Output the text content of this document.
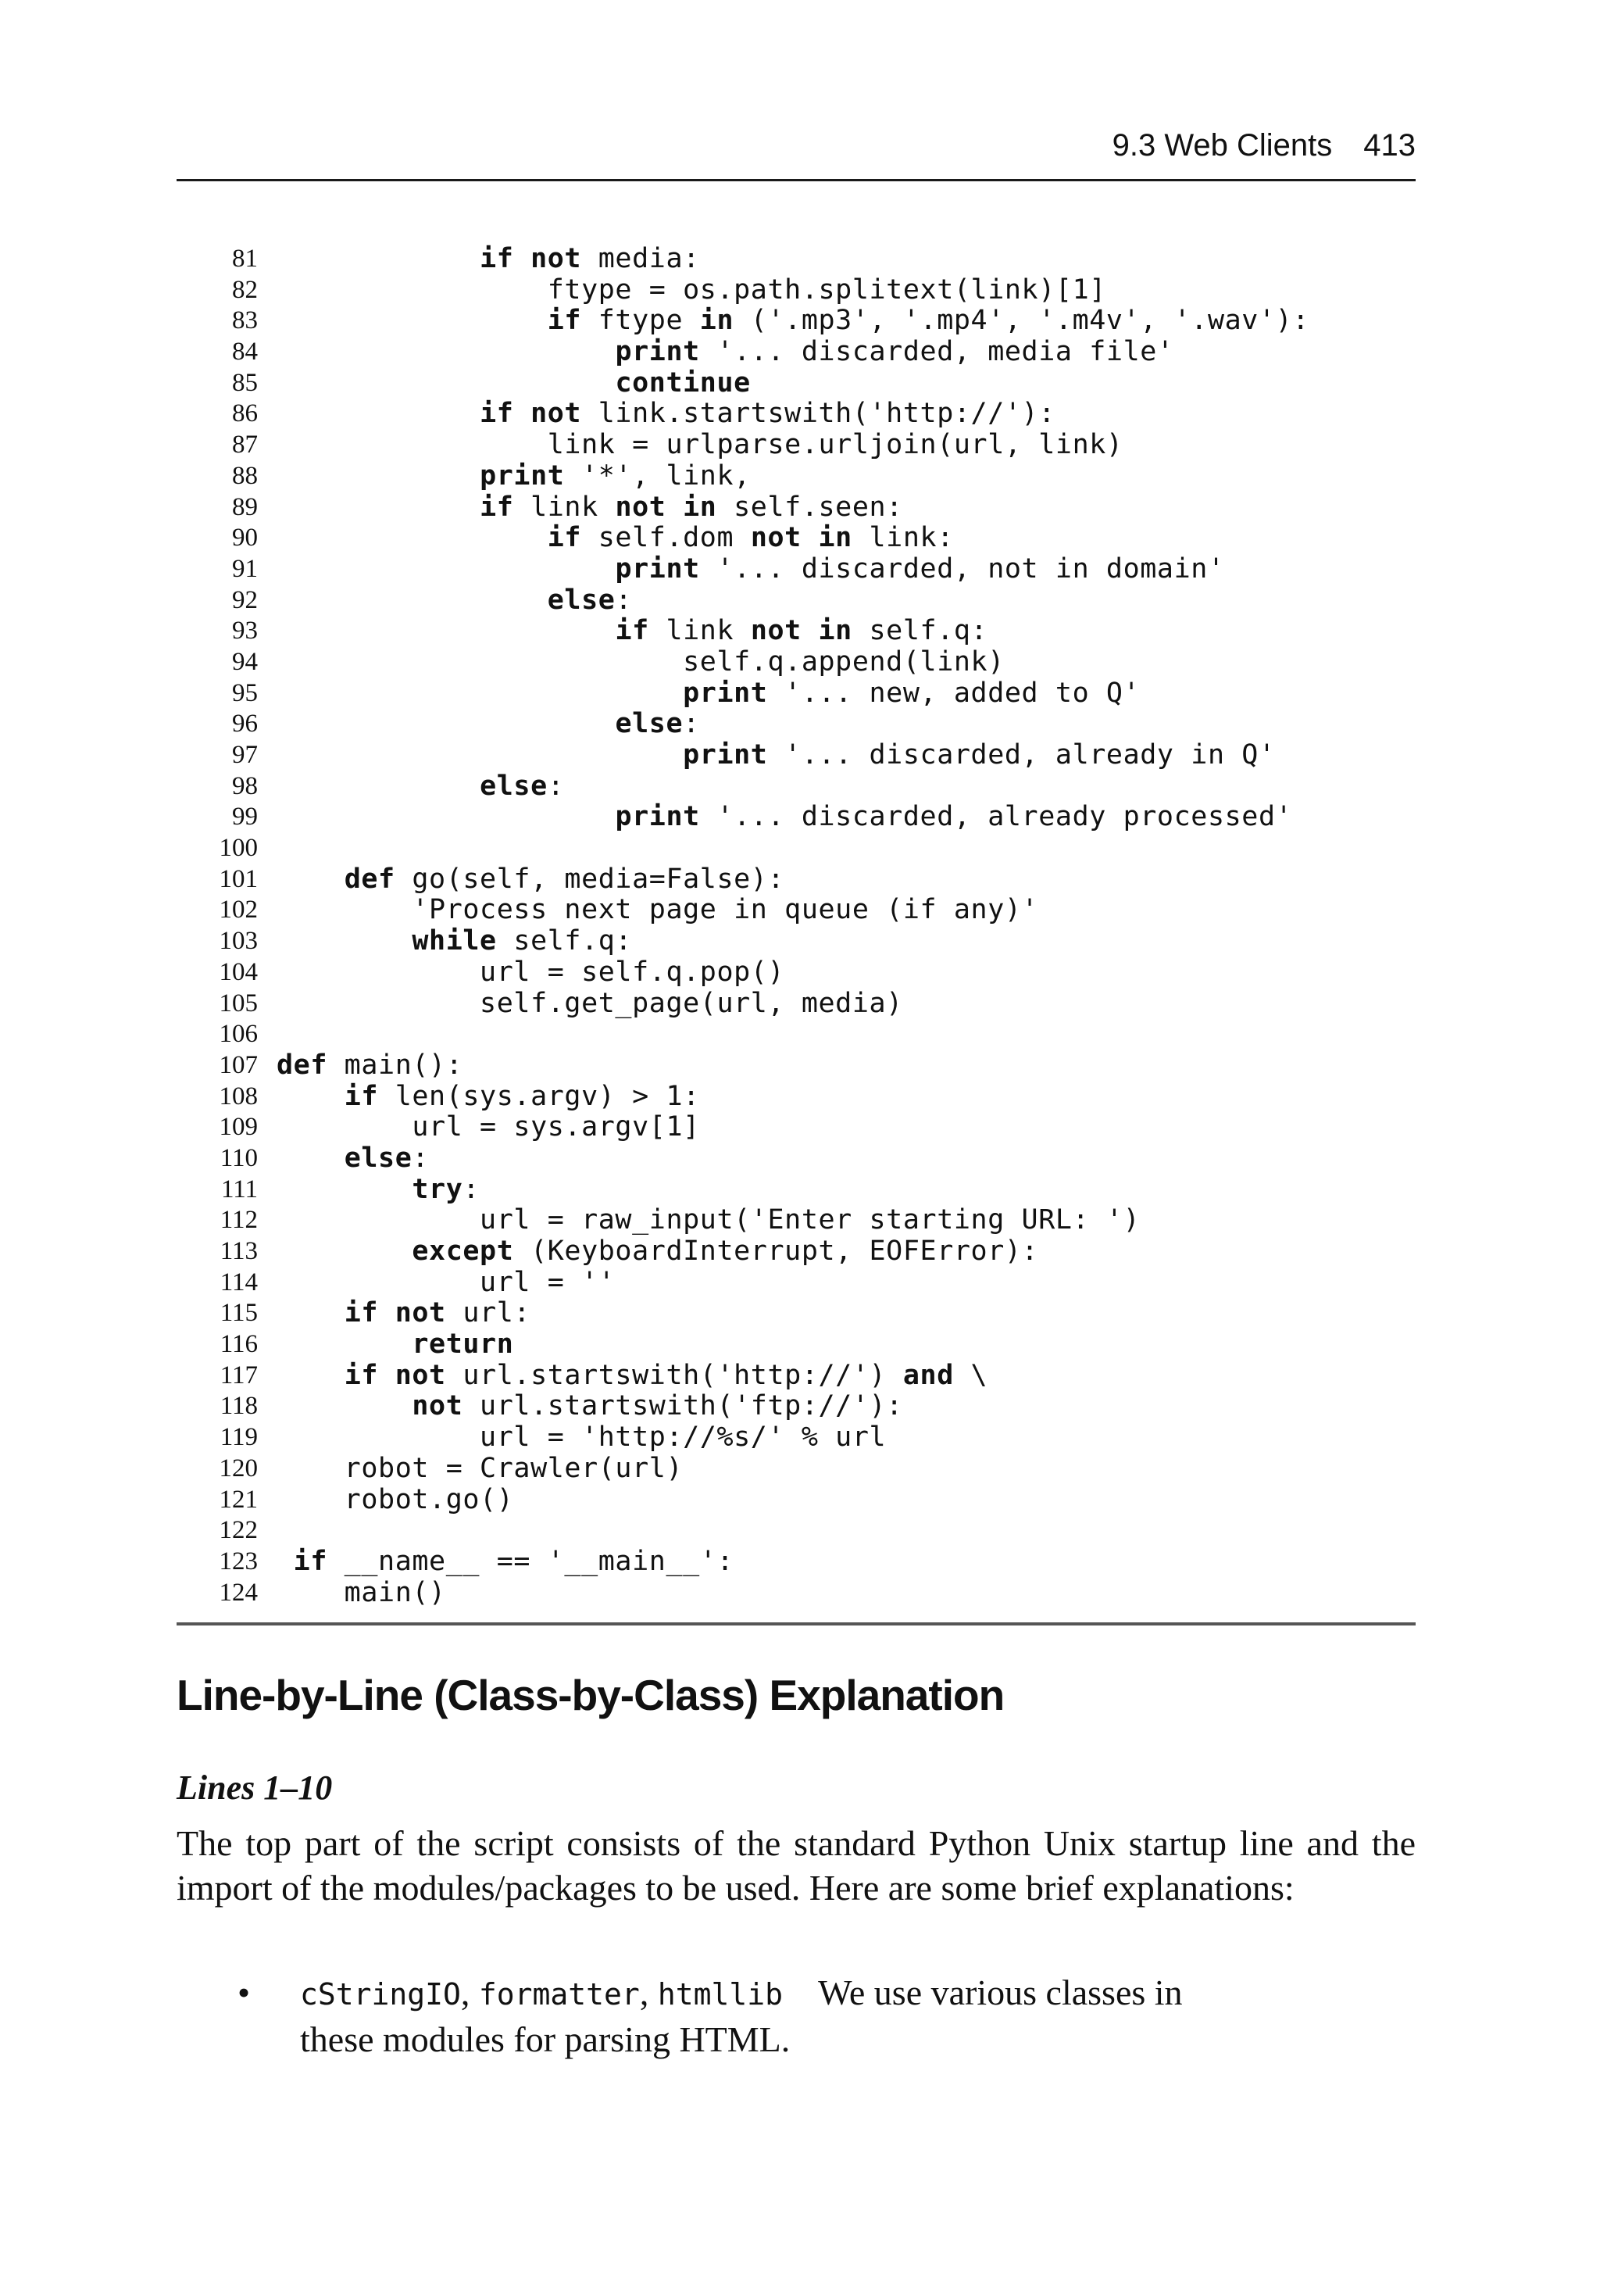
9.3 Web Clients 413
81	if not media:
82 ftype = os.path.splitext(link)[1]
83	if ftype in ('.mp3', '.mp4', '.m4v', '.wav'):
84	print '... discarded, media file'
85	continue
86	if not link.startswith('http://'):
87 link = urlparse.urljoin(url, link)
88	print '*', link,
89	if link not in self.seen:
90	if self.dom not in link:
91	print '... discarded, not in domain'
92	else:
93	if link not in self.q:
94 self.q.append(link)
95	print '... new, added to Q'
96	else:
97	print '... discarded, already in Q'
98	else:
99	print '... discarded, already processed'
100
101	def go(self, media=False):
102 'Process next page in queue (if any)'
103	while self.q:
104 url = self.q.pop()
105 self.get_page(url, media)
106
107 def main():
108	if len(sys.argv) > 1:
109 url = sys.argv[1]
110	else:
111	try:
112 url = raw_input('Enter starting URL: ')
113	except (KeyboardInterrupt, EOFError):
114 url = ''
115	if not url:
116	return
117	if not url.startswith('http://') and \
118	not url.startswith('ftp://'):
119 url = 'http://%s/' % url
120 robot = Crawler(url)
121 robot.go()
122
123	if __name__ == '__main__':
124 main()
Line-by-Line (Class-by-Class) Explanation
Lines 1–10

The top part of the script consists of the standard Python Unix startup line and the import of the modules/packages to be used. Here are some brief explanations:

• cStringIO, formatter, htmllib We use various classes in
these modules for parsing HTML.
